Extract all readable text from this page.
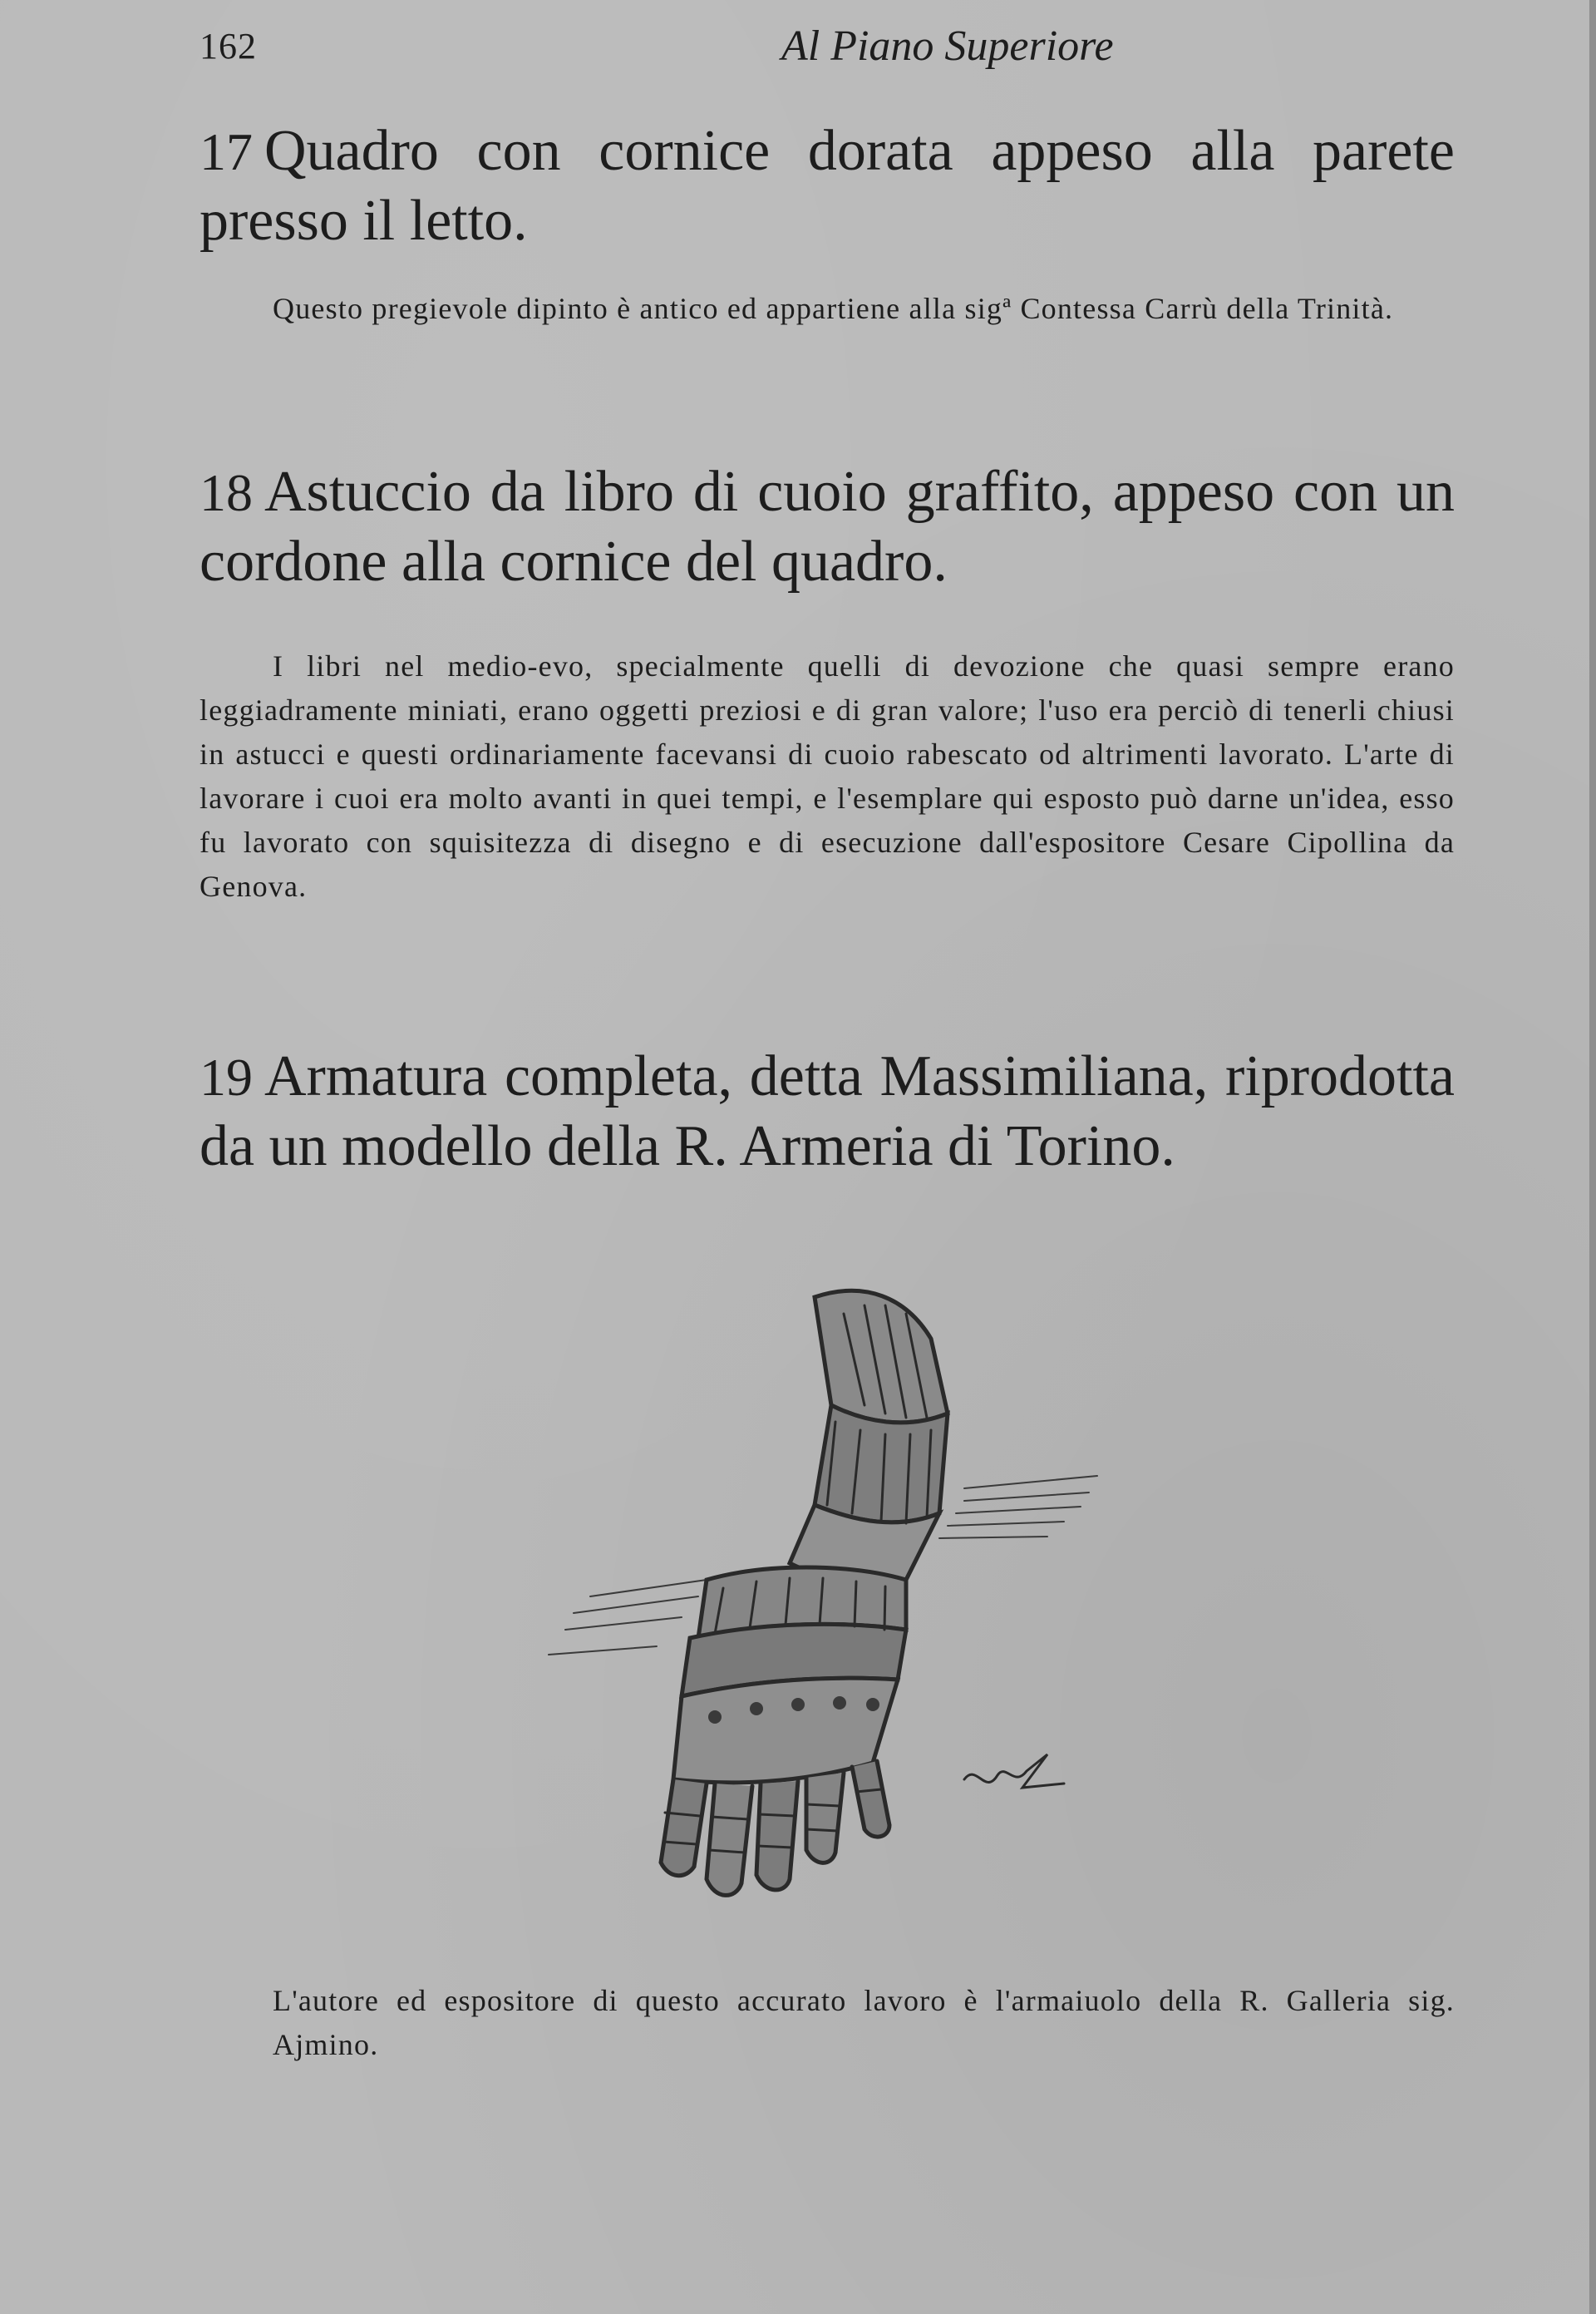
162	Al Piano Superiore
17 Quadro con cornice dorata appeso alla parete presso il letto.
Questo pregievole dipinto è antico ed appartiene alla sigª Contessa Carrù della Trinità.
18 Astuccio da libro di cuoio graffito, appeso con un cordone alla cornice del quadro.
I libri nel medio-evo, specialmente quelli di devozione che quasi sempre erano leggiadramente miniati, erano oggetti preziosi e di gran valore; l'uso era perciò di tenerli chiusi in astucci e questi ordinariamente facevansi di cuoio rabescato od altrimenti lavorato. L'arte di lavorare i cuoi era molto avanti in quei tempi, e l'esemplare qui esposto può darne un'idea, esso fu lavorato con squisitezza di disegno e di esecuzione dall'espositore Cesare Cipollina da Genova.
19 Armatura completa, detta Massimiliana, riprodotta da un modello della R. Armeria di Torino.
L'autore ed espositore di questo accurato lavoro è l'armaiuolo della R. Galleria sig. Ajmino.
